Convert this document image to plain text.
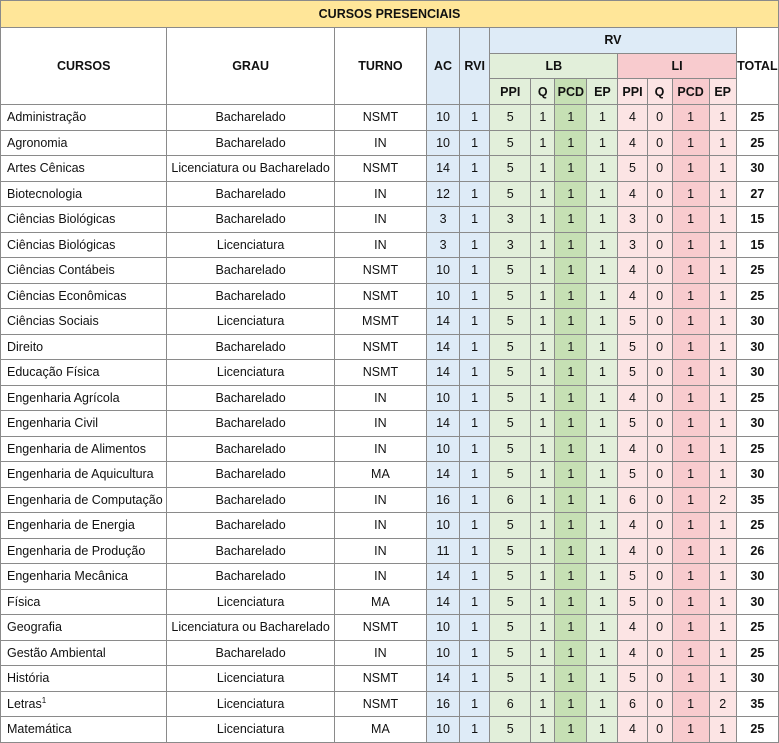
CURSOS PRESENCIAIS													
CURSOS	GRAU	TURNO	AC	RVI	RV								TOTAL
					LB				LI				
					PPI	Q	PCD	EP	PPI	Q	PCD	EP	
Administração	Bacharelado	NSMT	10	1	5	1	1	1	4	0	1	1	25
Agronomia	Bacharelado	IN	10	1	5	1	1	1	4	0	1	1	25
Artes Cênicas	Licenciatura ou Bacharelado	NSMT	14	1	5	1	1	1	5	0	1	1	30
Biotecnologia	Bacharelado	IN	12	1	5	1	1	1	4	0	1	1	27
Ciências Biológicas	Bacharelado	IN	3	1	3	1	1	1	3	0	1	1	15
Ciências Biológicas	Licenciatura	IN	3	1	3	1	1	1	3	0	1	1	15
Ciências Contábeis	Bacharelado	NSMT	10	1	5	1	1	1	4	0	1	1	25
Ciências Econômicas	Bacharelado	NSMT	10	1	5	1	1	1	4	0	1	1	25
Ciências Sociais	Licenciatura	MSMT	14	1	5	1	1	1	5	0	1	1	30
Direito	Bacharelado	NSMT	14	1	5	1	1	1	5	0	1	1	30
Educação Física	Licenciatura	NSMT	14	1	5	1	1	1	5	0	1	1	30
Engenharia Agrícola	Bacharelado	IN	10	1	5	1	1	1	4	0	1	1	25
Engenharia Civil	Bacharelado	IN	14	1	5	1	1	1	5	0	1	1	30
Engenharia de Alimentos	Bacharelado	IN	10	1	5	1	1	1	4	0	1	1	25
Engenharia de Aquicultura	Bacharelado	MA	14	1	5	1	1	1	5	0	1	1	30
Engenharia de Computação	Bacharelado	IN	16	1	6	1	1	1	6	0	1	2	35
Engenharia de Energia	Bacharelado	IN	10	1	5	1	1	1	4	0	1	1	25
Engenharia de Produção	Bacharelado	IN	11	1	5	1	1	1	4	0	1	1	26
Engenharia Mecânica	Bacharelado	IN	14	1	5	1	1	1	5	0	1	1	30
Física	Licenciatura	MA	14	1	5	1	1	1	5	0	1	1	30
Geografia	Licenciatura ou Bacharelado	NSMT	10	1	5	1	1	1	4	0	1	1	25
Gestão Ambiental	Bacharelado	IN	10	1	5	1	1	1	4	0	1	1	25
História	Licenciatura	NSMT	14	1	5	1	1	1	5	0	1	1	30
Letras$^1$	Licenciatura	NSMT	16	1	6	1	1	1	6	0	1	2	35
Matemática	Licenciatura	MA	10	1	5	1	1	1	4	0	1	1	25
